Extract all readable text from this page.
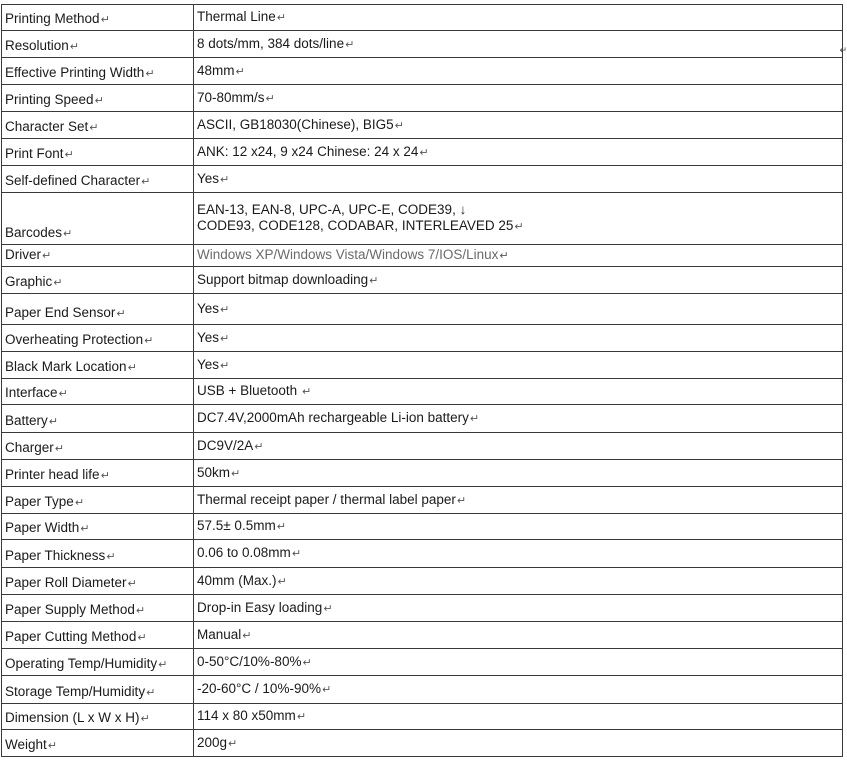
Printing Method↵	Thermal Line↵
Resolution↵	8 dots/mm, 384 dots/line↵
Effective Printing Width↵	48mm↵
Printing Speed↵	70-80mm/s↵
Character Set↵	ASCII, GB18030(Chinese), BIG5↵
Print Font↵	ANK: 12 x24, 9 x24 Chinese: 24 x 24↵
Self-defined Character↵	Yes↵
Barcodes↵	EAN-13, EAN-8, UPC-A, UPC-E, CODE39, ↓
CODE93, CODE128, CODABAR, INTERLEAVED 25↵

Driver↵	Windows XP/Windows Vista/Windows 7/IOS/Linux↵
Graphic↵	Support bitmap downloading↵
Paper End Sensor↵	Yes↵
Overheating Protection↵	Yes↵
Black Mark Location↵	Yes↵
Interface↵	USB + Bluetooth ↵
Battery↵	DC7.4V,2000mAh rechargeable Li-ion battery↵
Charger↵	DC9V/2A↵
Printer head life↵	50km↵
Paper Type↵	Thermal receipt paper / thermal label paper↵
Paper Width↵	57.5± 0.5mm↵
Paper Thickness↵	0.06 to 0.08mm↵
Paper Roll Diameter↵	40mm (Max.)↵
Paper Supply Method↵	Drop-in Easy loading↵
Paper Cutting Method↵	Manual↵
Operating Temp/Humidity↵	0-50°C/10%-80%↵
Storage Temp/Humidity↵	-20-60°C / 10%-90%↵
Dimension (L x W x H)↵	114 x 80 x50mm↵
Weight↵	200g↵
↵
